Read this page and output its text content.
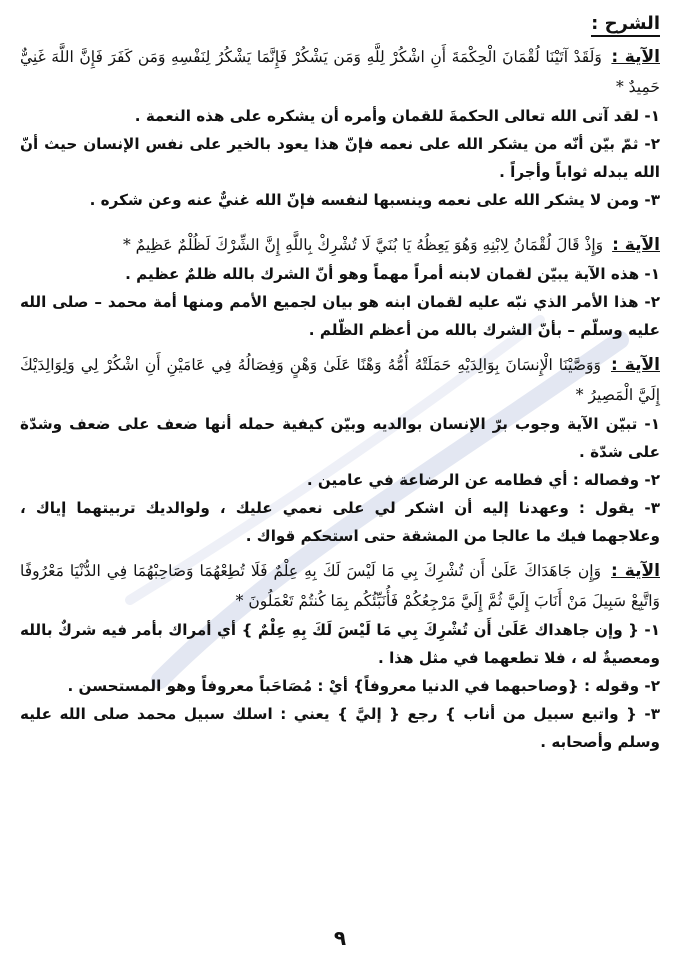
الشرح :
الآية : وَلَقَدْ آتَيْنَا لُقْمَانَ الْحِكْمَةَ أَنِ اشْكُرْ لِلَّهِ وَمَن يَشْكُرْ فَإِنَّمَا يَشْكُرُ لِنَفْسِهِ وَمَن كَفَرَ فَإِنَّ اللَّهَ غَنِيٌّ حَمِيدٌ *

١- لقد آتى الله تعالى الحكمةَ للقمان وأمره أن يشكره على هذه النعمة .

٢- ثمّ بيّن أنّه من يشكر الله على نعمه فإنّ هذا يعود بالخير على نفس الإنسان حيث أنّ الله يبدله ثواباً وأجراً .

٣- ومن لا يشكر الله على نعمه وينسبها لنفسه فإنّ الله غنيٌّ عنه وعن شكره .

الآية : وَإِذْ قَالَ لُقْمَانُ لِابْنِهِ وَهُوَ يَعِظُهُ يَا بُنَيَّ لَا تُشْرِكْ بِاللَّهِ إِنَّ الشِّرْكَ لَظُلْمٌ عَظِيمٌ *

١- هذه الآية يبيّن لقمان لابنه أمراً مهماً وهو أنّ الشرك بالله ظلمٌ عظيم .

٢- هذا الأمر الذي نبّه عليه لقمان ابنه هو بيان لجميع الأمم ومنها أمة محمد – صلى الله عليه وسلّم – بأنّ الشرك بالله من أعظم الظّلم .

الآية : وَوَصَّيْنَا الْإِنسَانَ بِوَالِدَيْهِ حَمَلَتْهُ أُمُّهُ وَهْنًا عَلَىٰ وَهْنٍ وَفِصَالُهُ فِي عَامَيْنِ أَنِ اشْكُرْ لِي وَلِوَالِدَيْكَ إِلَيَّ الْمَصِيرُ *

١- تبيّن الآية وجوب برّ الإنسان بوالديه وبيّن كيفية حمله أنها ضعف على ضعف وشدّة على شدّة .

٢- وفصاله : أي فطامه عن الرضاعة في عامين .

٣- يقول : وعهدنا إليه أن اشكر لي على نعمي عليك ، ولوالديك تربيتهما إياك ، وعلاجهما فيك ما عالجا من المشقة حتى استحكم قواك .

الآية : وَإِن جَاهَدَاكَ عَلَىٰ أَن تُشْرِكَ بِي مَا لَيْسَ لَكَ بِهِ عِلْمٌ فَلَا تُطِعْهُمَا وَصَاحِبْهُمَا فِي الدُّنْيَا مَعْرُوفًا وَاتَّبِعْ سَبِيلَ مَنْ أَنَابَ إِلَيَّ ثُمَّ إِلَيَّ مَرْجِعُكُمْ فَأُنَبِّئُكُم بِمَا كُنتُمْ تَعْمَلُونَ *

١- { وإن جاهداك عَلَىٰ أَن تُشْرِكَ بِي مَا لَيْسَ لَكَ بِهِ عِلْمٌ } أي أمراك بأمر فيه شركٌ بالله ومعصيةٌ له ، فلا تطعهما في مثل هذا .

٢- وقوله : {وصاحبهما في الدنيا معروفاً} أيْ : مُصَاحَباً معروفاً وهو المستحسن .

٣- { واتبع سبيل من أناب } رجع { إليَّ } يعني : اسلك سبيل محمد صلى الله عليه وسلم وأصحابه .

٩
